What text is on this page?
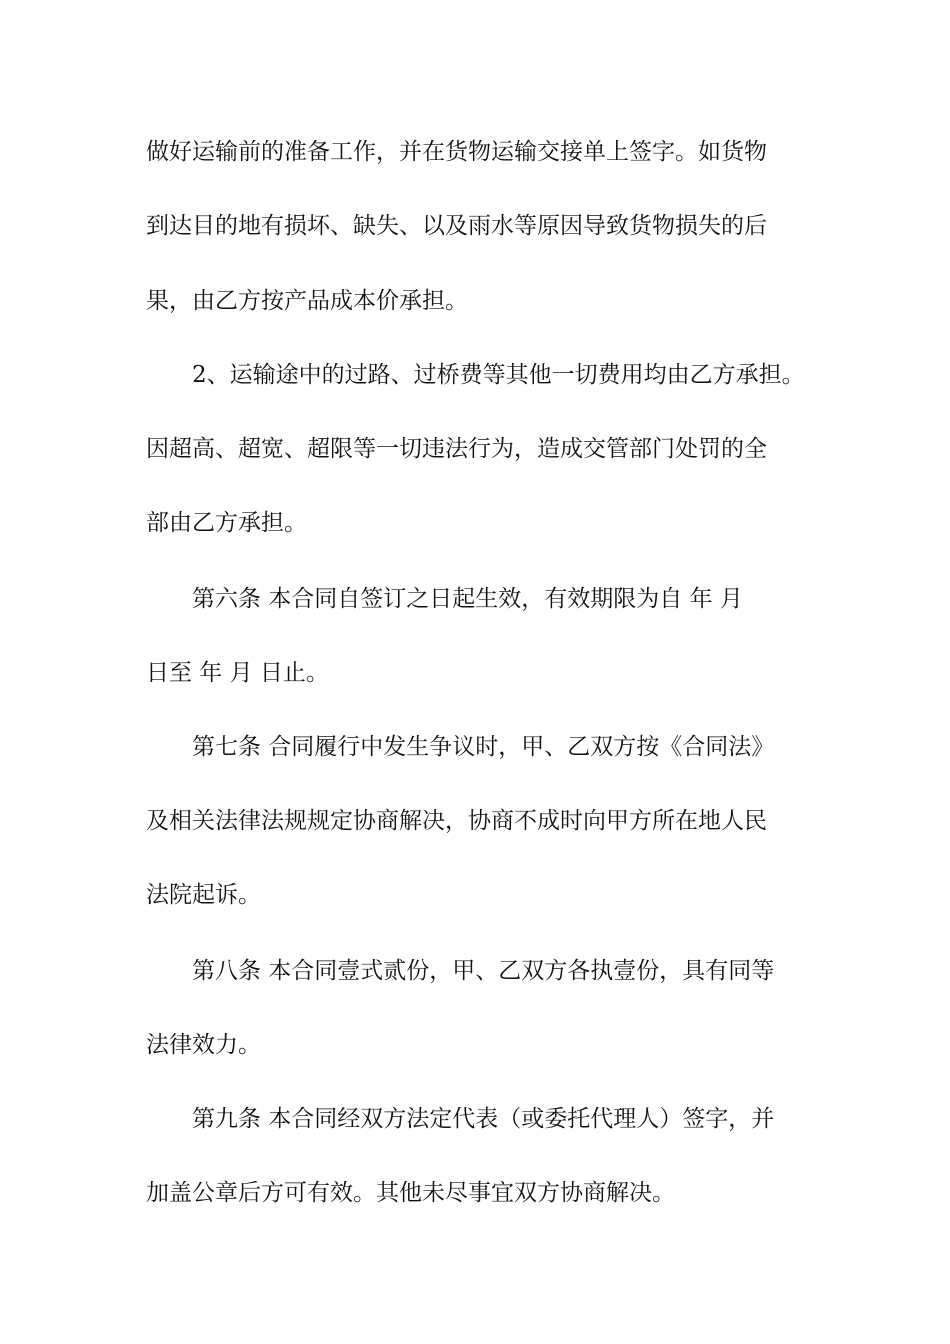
做好运输前的准备工作，并在货物运输交接单上签字。如货物

到达目的地有损坏、缺失、以及雨水等原因导致货物损失的后

果，由乙方按产品成本价承担。

2、运输途中的过路、过桥费等其他一切费用均由乙方承担。

因超高、超宽、超限等一切违法行为，造成交管部门处罚的全

部由乙方承担。

第六条 本合同自签订之日起生效，有效期限为自 年 月

日至 年 月 日止。

第七条 合同履行中发生争议时，甲、乙双方按《合同法》

及相关法律法规规定协商解决，协商不成时向甲方所在地人民

法院起诉。

第八条 本合同壹式贰份，甲、乙双方各执壹份，具有同等

法律效力。

第九条 本合同经双方法定代表（或委托代理人）签字，并

加盖公章后方可有效。其他未尽事宜双方协商解决。
